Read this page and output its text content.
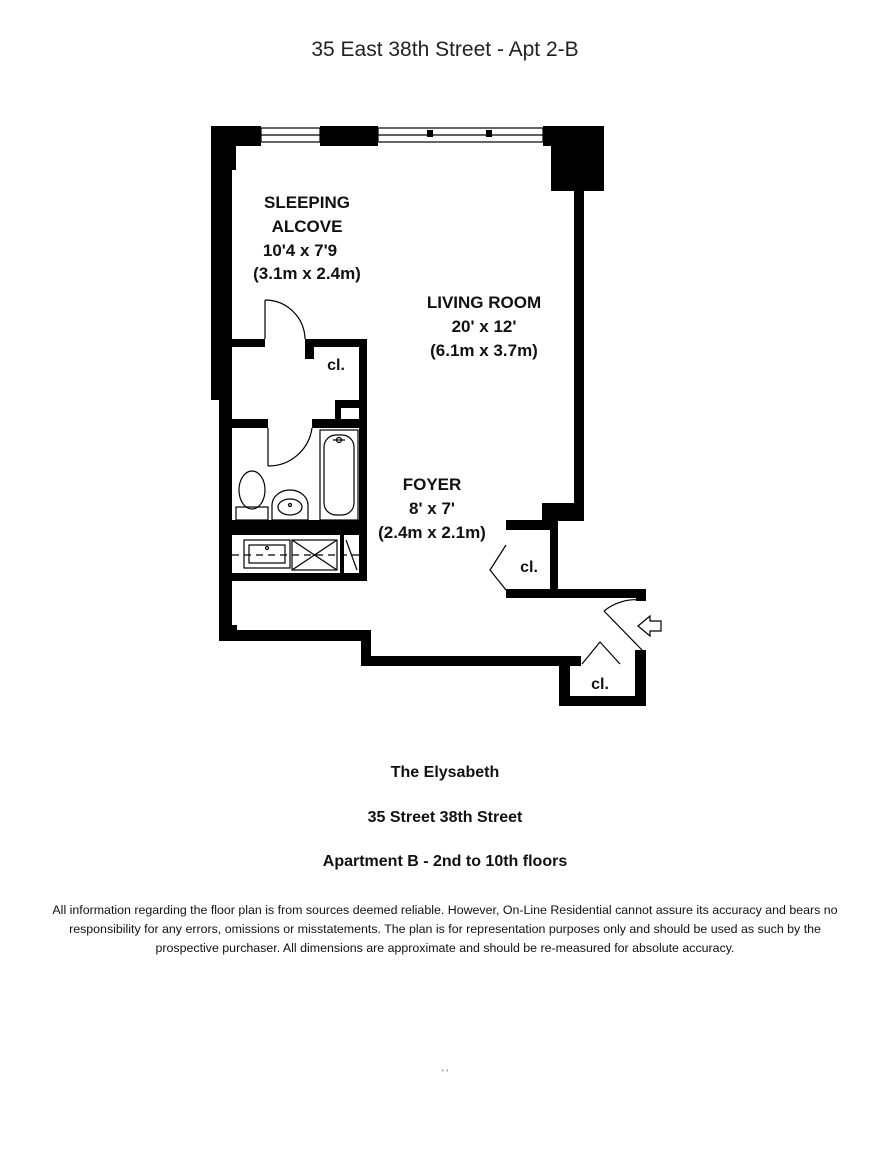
35 East 38th Street - Apt 2-B
SLEEPING
ALCOVE
10'4 x 7'9
(3.1m x 2.4m)
LIVING ROOM
20' x 12'
(6.1m x 3.7m)
FOYER
8' x 7'
(2.4m x 2.1m)
cl.
cl.
cl.
The Elysabeth
35 Street 38th Street
Apartment B - 2nd to 10th floors
All information regarding the floor plan is from sources deemed reliable. However, On-Line Residential cannot assure its accuracy and bears no responsibility for any errors, omissions or misstatements. The plan is for representation purposes only and should be used as such by the prospective purchaser. All dimensions are approximate and should be re-measured for absolute accuracy.
' '
